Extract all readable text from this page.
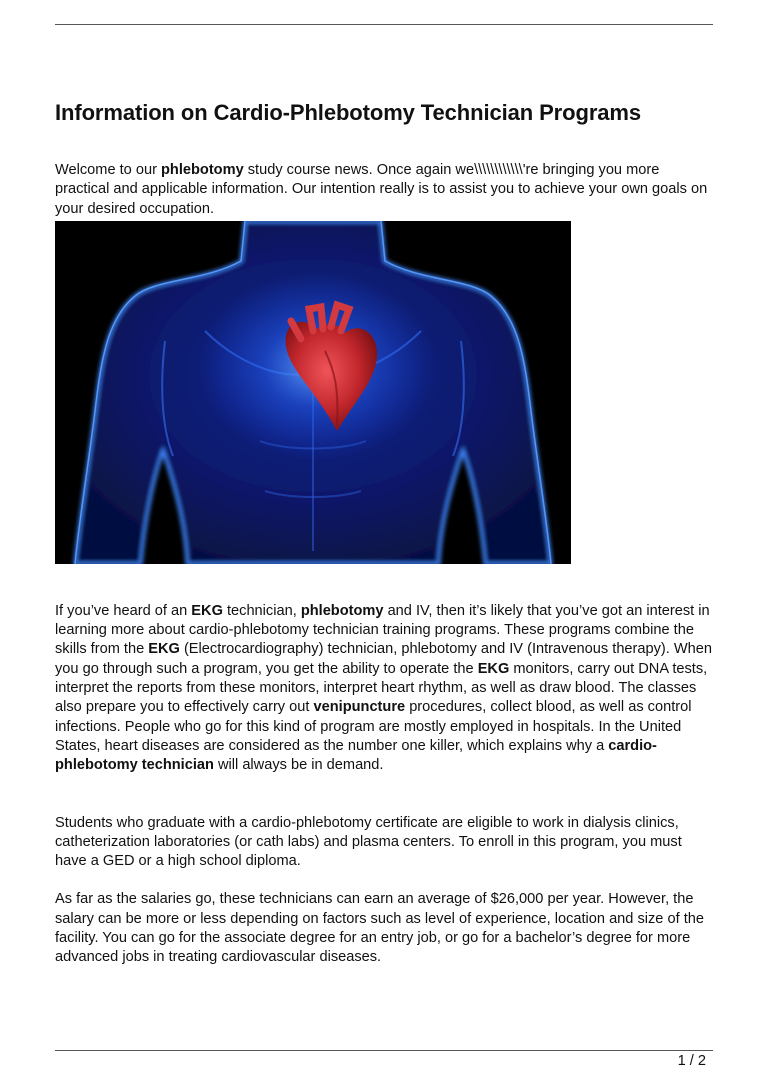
Information on Cardio-Phlebotomy Technician Programs

Welcome to our phlebotomy study course news. Once again we\\\\\\\\\\\\'re bringing you more practical and applicable information. Our intention really is to assist you to achieve your own goals on your desired occupation.

If you’ve heard of an EKG technician, phlebotomy and IV, then it’s likely that you’ve got an interest in learning more about cardio-phlebotomy technician training programs. These programs combine the skills from the EKG (Electrocardiography) technician, phlebotomy and IV (Intravenous therapy). When you go through such a program, you get the ability to operate the EKG monitors, carry out DNA tests, interpret the reports from these monitors, interpret heart rhythm, as well as draw blood. The classes also prepare you to effectively carry out venipuncture procedures, collect blood, as well as control infections. People who go for this kind of program are mostly employed in hospitals. In the United States, heart diseases are considered as the number one killer, which explains why a cardio-phlebotomy technician will always be in demand.

Students who graduate with a cardio-phlebotomy certificate are eligible to work in dialysis clinics, catheterization laboratories (or cath labs) and plasma centers. To enroll in this program, you must have a GED or a high school diploma.

As far as the salaries go, these technicians can earn an average of $26,000 per year. However, the salary can be more or less depending on factors such as level of experience, location and size of the facility. You can go for the associate degree for an entry job, or go for a bachelor’s degree for more advanced jobs in treating cardiovascular diseases.

1 / 2
